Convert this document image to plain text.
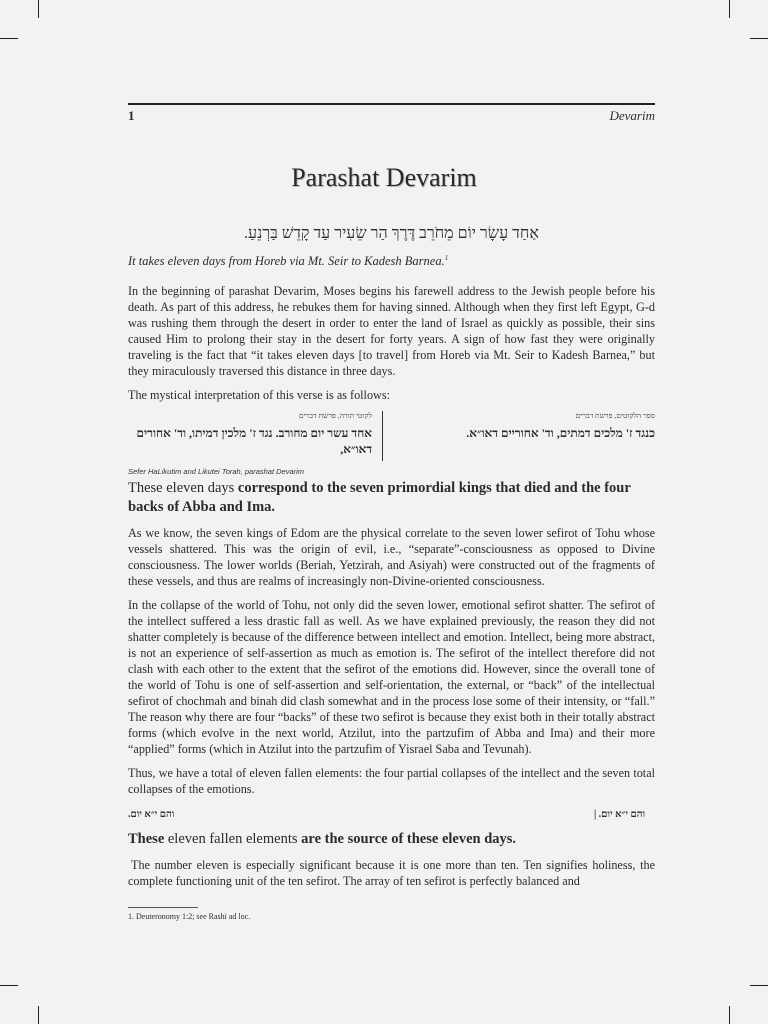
1	Devarim
Parashat Devarim
אַחַד עָשָׂר יוֹם מֵחֹרֵב דֶּרֶךְ הַר שֵׂעִיר עַד קָדֵשׁ בַּרְנֵעַ.
It takes eleven days from Horeb via Mt. Seir to Kadesh Barnea.$^1$

In the beginning of parashat Devarim, Moses begins his farewell address to the Jewish people before his death. As part of this address, he rebukes them for having sinned. Although when they first left Egypt, G-d was rushing them through the desert in order to enter the land of Israel as quickly as possible, their sins caused Him to prolong their stay in the desert for forty years. A sign of how fast they were originally traveling is the fact that “it takes eleven days [to travel] from Horeb via Mt. Seir to Kadesh Barnea,” but they miraculously traversed this distance in three days.

The mystical interpretation of this verse is as follows:

ספר הלקוטים, פרשת דברים
כנגד ז' מלכים דמתים, וד' אחוריים דאו״א.
לקוטי תורה, פרשת דברים
אחד עשר יום מחורב. נגד ז' מלכין דמיתו, וד' אחורים דאו״א,
Sefer HaLikutim and Likutei Torah, parashat Devarim
These eleven days correspond to the seven primordial kings that died and the four backs of Abba and Ima.

As we know, the seven kings of Edom are the physical correlate to the seven lower sefirot of Tohu whose vessels shattered. This was the origin of evil, i.e., “separate”-consciousness as opposed to Divine consciousness. The lower worlds (Beriah, Yetzirah, and Asiyah) were constructed out of the fragments of these vessels, and thus are realms of increasingly non-Divine-oriented consciousness.

In the collapse of the world of Tohu, not only did the seven lower, emotional sefirot shatter. The sefirot of the intellect suffered a less drastic fall as well. As we have explained previously, the reason they did not shatter completely is because of the difference between intellect and emotion. Intellect, being more abstract, is not an experience of self-assertion as much as emotion is. The sefirot of the intellect therefore did not clash with each other to the extent that the sefirot of the emotions did. However, since the overall tone of the world of Tohu is one of self-assertion and self-orientation, the external, or “back” of the intellectual sefirot of chochmah and binah did clash somewhat and in the process lose some of their intensity, or “fall.” The reason why there are four “backs” of these two sefirot is because they exist both in their totally abstract forms (which evolve in the next world, Atzilut, into the partzufim of Abba and Ima) and their more “applied” forms (which in Atzilut into the partzufim of Yisrael Saba and Tevunah).

Thus, we have a total of eleven fallen elements: the four partial collapses of the intellect and the seven total collapses of the emotions.

והם י״א יום.	והם י״א יום. |
These eleven fallen elements are the source of these eleven days.

The number eleven is especially significant because it is one more than ten. Ten signifies holiness, the complete functioning unit of the ten sefirot. The array of ten sefirot is perfectly balanced and

1. Deuteronomy 1:2; see Rashi ad loc.
